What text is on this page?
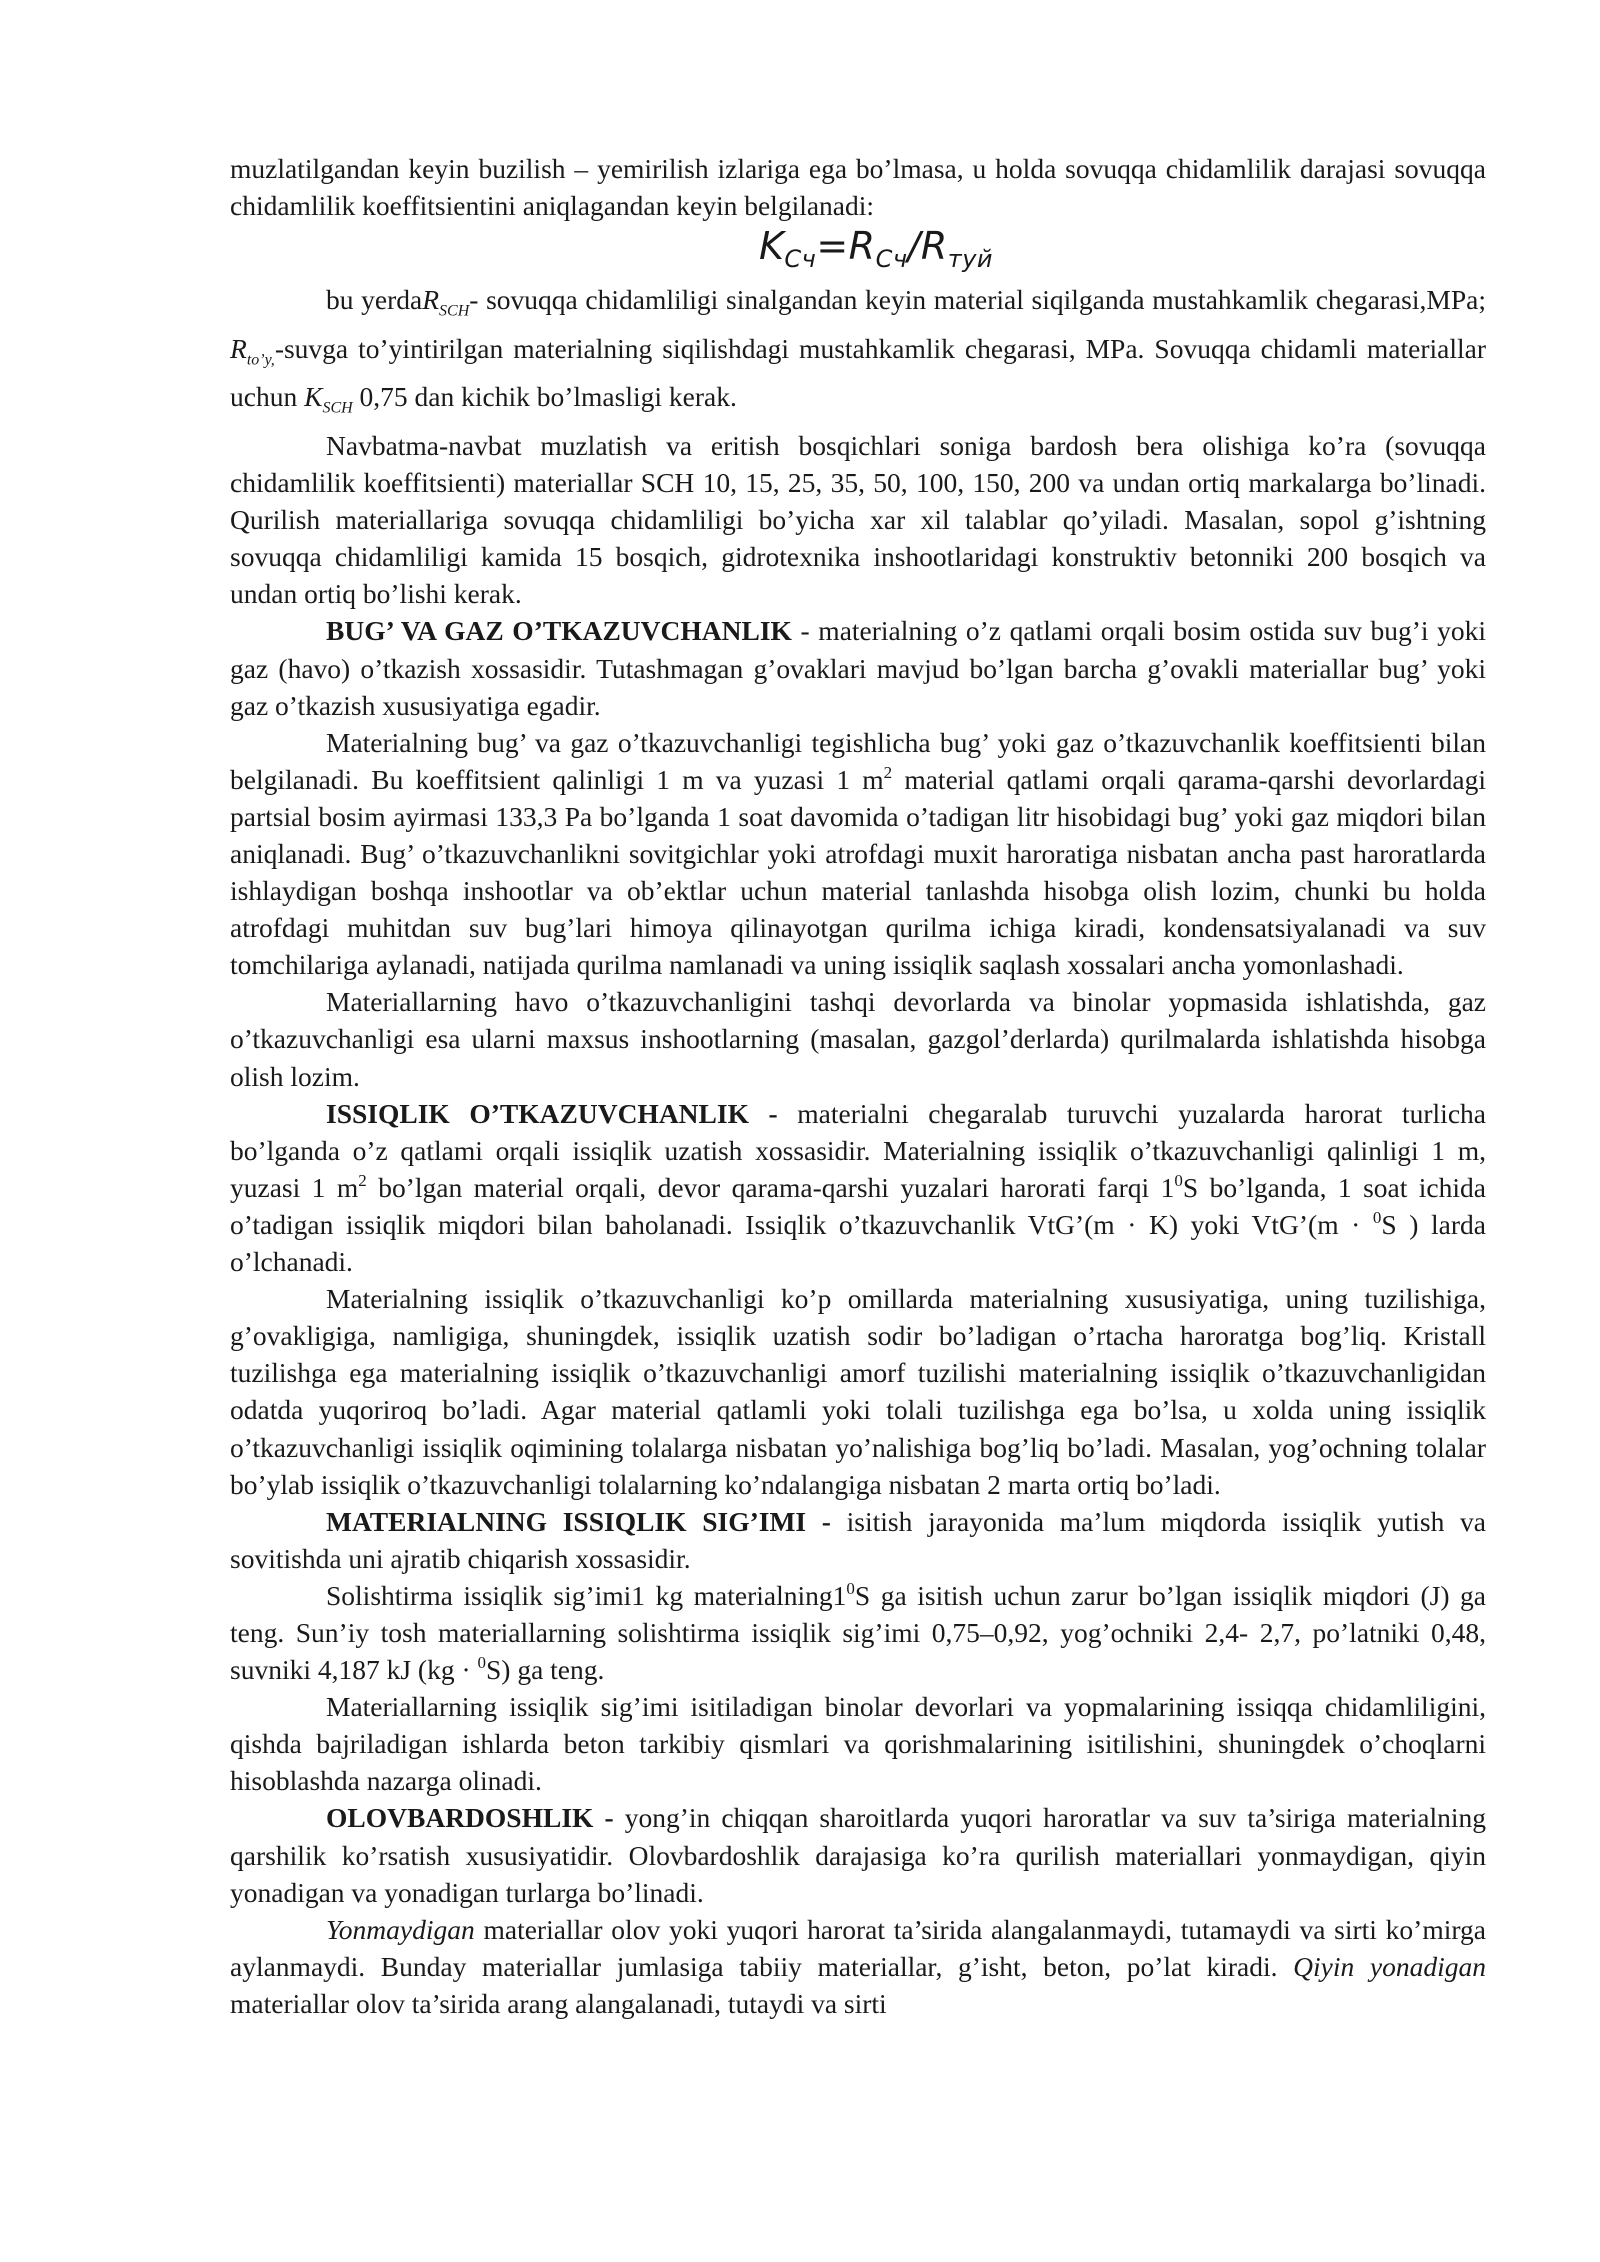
muzlatilgandan keyin buzilish – yemirilish izlariga ega bo’lmasa, u holda sovuqqa chidamlilik darajasi sovuqqa chidamlilik koeffitsientini aniqlagandan keyin belgilanadi:

$K_{Сч}=R_{Сч}/R_{туй}$

bu yerdaR$_{SCH}$- sovuqqa chidamliligi sinalgandan keyin material siqilganda mustahkamlik chegarasi,MPa; $R_{to’y,}$-suvga to’yintirilgan materialning siqilishdagi mustahkamlik chegarasi, MPa. Sovuqqa chidamli materiallar uchun $K_{SCH}$ 0,75 dan kichik bo’lmasligi kerak.

Navbatma-navbat muzlatish va eritish bosqichlari soniga bardosh bera olishiga ko’ra (sovuqqa chidamlilik koeffitsienti) materiallar SCH 10, 15, 25, 35, 50, 100, 150, 200 va undan ortiq markalarga bo’linadi. Qurilish materiallariga sovuqqa chidamliligi bo’yicha xar xil talablar qo’yiladi. Masalan, sopol g’ishtning sovuqqa chidamliligi kamida 15 bosqich, gidrotexnika inshootlaridagi konstruktiv betonniki 200 bosqich va undan ortiq bo’lishi kerak.

BUG’ VA GAZ O’TKAZUVCHANLIK - materialning o’z qatlami orqali bosim ostida suv bug’i yoki gaz (havo) o’tkazish xossasidir. Tutashmagan g’ovaklari mavjud bo’lgan barcha g’ovakli materiallar bug’ yoki gaz o’tkazish xususiyatiga egadir.

Materialning bug’ va gaz o’tkazuvchanligi tegishlicha bug’ yoki gaz o’tkazuvchanlik koeffitsienti bilan belgilanadi. Bu koeffitsient qalinligi 1 m va yuzasi 1 $m^2$ material qatlami orqali qarama-qarshi devorlardagi partsial bosim ayirmasi 133,3 Pa bo’lganda 1 soat davomida o’tadigan litr hisobidagi bug’ yoki gaz miqdori bilan aniqlanadi. Bug’ o’tkazuvchanlikni sovitgichlar yoki atrofdagi muxit haroratiga nisbatan ancha past haroratlarda ishlaydigan boshqa inshootlar va ob’ektlar uchun material tanlashda hisobga olish lozim, chunki bu holda atrofdagi muhitdan suv bug’lari himoya qilinayotgan qurilma ichiga kiradi, kondensatsiyalanadi va suv tomchilariga aylanadi, natijada qurilma namlanadi va uning issiqlik saqlash xossalari ancha yomonlashadi.

Materiallarning havo o’tkazuvchanligini tashqi devorlarda va binolar yopmasida ishlatishda, gaz o’tkazuvchanligi esa ularni maxsus inshootlarning (masalan, gazgol’derlarda) qurilmalarda ishlatishda hisobga olish lozim.

ISSIQLIK O’TKAZUVCHANLIK - materialni chegaralab turuvchi yuzalarda harorat turlicha bo’lganda o’z qatlami orqali issiqlik uzatish xossasidir. Materialning issiqlik o’tkazuvchanligi qalinligi 1 m, yuzasi 1 $m^2$ bo’lgan material orqali, devor qarama-qarshi yuzalari harorati farqi $1^0S$ bo’lganda, 1 soat ichida o’tadigan issiqlik miqdori bilan baholanadi. Issiqlik o’tkazuvchanlik VtG’(m · K) yoki VtG’(m · $^0$S ) larda o’lchanadi.

Materialning issiqlik o’tkazuvchanligi ko’p omillarda materialning xususiyatiga, uning tuzilishiga, g’ovakligiga, namligiga, shuningdek, issiqlik uzatish sodir bo’ladigan o’rtacha haroratga bog’liq. Kristall tuzilishga ega materialning issiqlik o’tkazuvchanligi amorf tuzilishi materialning issiqlik o’tkazuvchanligidan odatda yuqoriroq bo’ladi. Agar material qatlamli yoki tolali tuzilishga ega bo’lsa, u xolda uning issiqlik o’tkazuvchanligi issiqlik oqimining tolalarga nisbatan yo’nalishiga bog’liq bo’ladi. Masalan, yog’ochning tolalar bo’ylab issiqlik o’tkazuvchanligi tolalarning ko’ndalangiga nisbatan 2 marta ortiq bo’ladi.

MATERIALNING ISSIQLIK SIG’IMI - isitish jarayonida ma’lum miqdorda issiqlik yutish va sovitishda uni ajratib chiqarish xossasidir.

Solishtirma issiqlik sig’imi1 kg $materialning1^0S$ ga isitish uchun zarur bo’lgan issiqlik miqdori (J) ga teng. Sun’iy tosh materiallarning solishtirma issiqlik sig’imi 0,75–0,92, yog’ochniki 2,4- 2,7, po’latniki 0,48, suvniki 4,187 kJ (kg · $^0$S) ga teng.

Materiallarning issiqlik sig’imi isitiladigan binolar devorlari va yopmalarining issiqqa chidamliligini, qishda bajriladigan ishlarda beton tarkibiy qismlari va qorishmalarining isitilishini, shuningdek o’choqlarni hisoblashda nazarga olinadi.

OLOVBARDOSHLIK - yong’in chiqqan sharoitlarda yuqori haroratlar va suv ta’siriga materialning qarshilik ko’rsatish xususiyatidir. Olovbardoshlik darajasiga ko’ra qurilish materiallari yonmaydigan, qiyin yonadigan va yonadigan turlarga bo’linadi.

Yonmaydigan materiallar olov yoki yuqori harorat ta’sirida alangalanmaydi, tutamaydi va sirti ko’mirga aylanmaydi. Bunday materiallar jumlasiga tabiiy materiallar, g’isht, beton, po’lat kiradi. Qiyin yonadigan materiallar olov ta’sirida arang alangalanadi, tutaydi va sirti
